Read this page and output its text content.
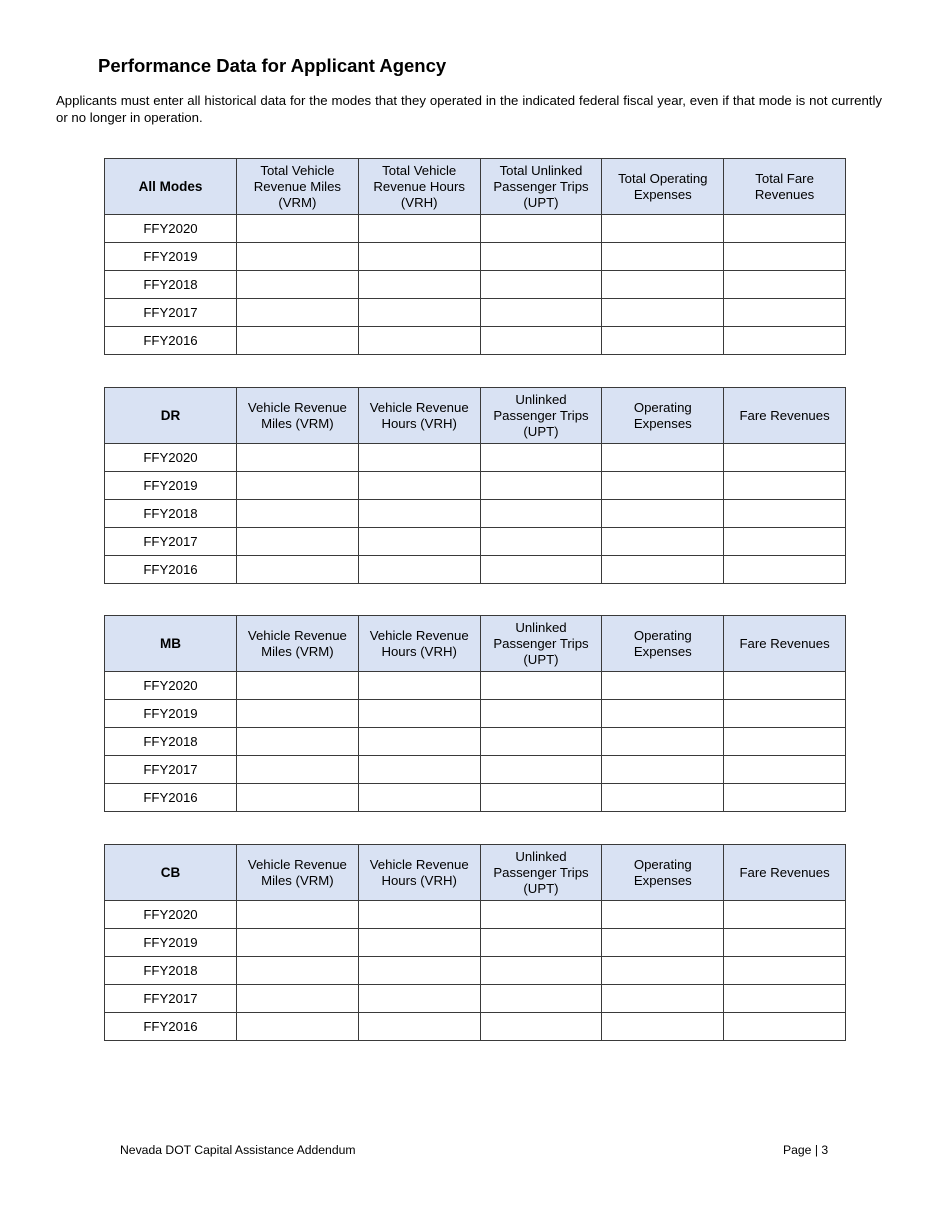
Performance Data for Applicant Agency

Applicants must enter all historical data for the modes that they operated in the indicated federal fiscal year, even if that mode is not currently or no longer in operation.

All Modes	Total Vehicle Revenue Miles (VRM)	Total Vehicle Revenue Hours (VRH)	Total Unlinked Passenger Trips (UPT)	Total Operating Expenses	Total Fare Revenues
FFY2020					
FFY2019					
FFY2018					
FFY2017					
FFY2016					
DR	Vehicle Revenue Miles (VRM)	Vehicle Revenue Hours (VRH)	Unlinked Passenger Trips (UPT)	Operating Expenses	Fare Revenues
FFY2020					
FFY2019					
FFY2018					
FFY2017					
FFY2016					
MB	Vehicle Revenue Miles (VRM)	Vehicle Revenue Hours (VRH)	Unlinked Passenger Trips (UPT)	Operating Expenses	Fare Revenues
FFY2020					
FFY2019					
FFY2018					
FFY2017					
FFY2016					
CB	Vehicle Revenue Miles (VRM)	Vehicle Revenue Hours (VRH)	Unlinked Passenger Trips (UPT)	Operating Expenses	Fare Revenues
FFY2020					
FFY2019					
FFY2018					
FFY2017					
FFY2016					
Nevada DOT Capital Assistance Addendum	Page | 3
